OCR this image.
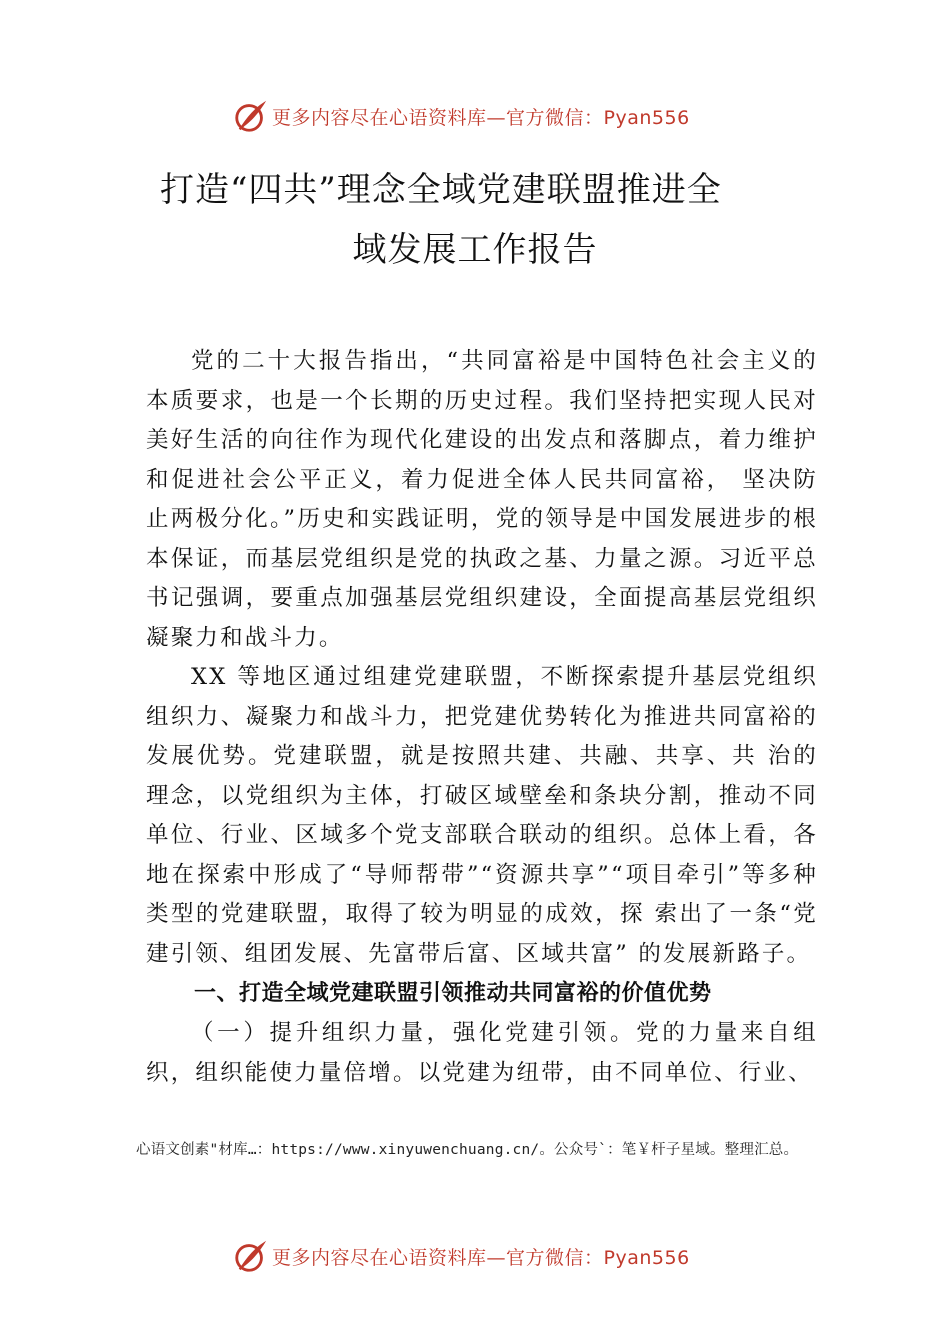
更多内容尽在心语资料库—官方微信：Pyan556
打造“四共”理念全域党建联盟推进全
域发展工作报告

党的二十大报告指出，“共同富裕是中国特色社会主义的本质要求，也是一个长期的历史过程。我们坚持把实现人民对美好生活的向往作为现代化建设的出发点和落脚点，着力维护和促进社会公平正义，着力促进全体人民共同富裕， 坚决防止两极分化。”历史和实践证明，党的领导是中国发展进步的根本保证，而基层党组织是党的执政之基、力量之源。习近平总书记强调，要重点加强基层党组织建设，全面提高基层党组织凝聚力和战斗力。

XX 等地区通过组建党建联盟，不断探索提升基层党组织组织力、凝聚力和战斗力，把党建优势转化为推进共同富裕的发展优势。党建联盟，就是按照共建、共融、共享、共 治的理念，以党组织为主体，打破区域壁垒和条块分割，推动不同单位、行业、区域多个党支部联合联动的组织。总体上看，各地在探索中形成了“导师帮带”“资源共享”“项目牵引”等多种类型的党建联盟，取得了较为明显的成效，探 索出了一条“党建引领、组团发展、先富带后富、区域共富” 的发展新路子。

一、打造全域党建联盟引领推动共同富裕的价值优势

（一）提升组织力量，强化党建引领。党的力量来自组织，组织能使力量倍增。以党建为纽带，由不同单位、行业、

心语文创素"材库…：https://www.xinyuwenchuang.cn/。公众号`：笔￥杆子星域。整理汇总。
更多内容尽在心语资料库—官方微信：Pyan556
